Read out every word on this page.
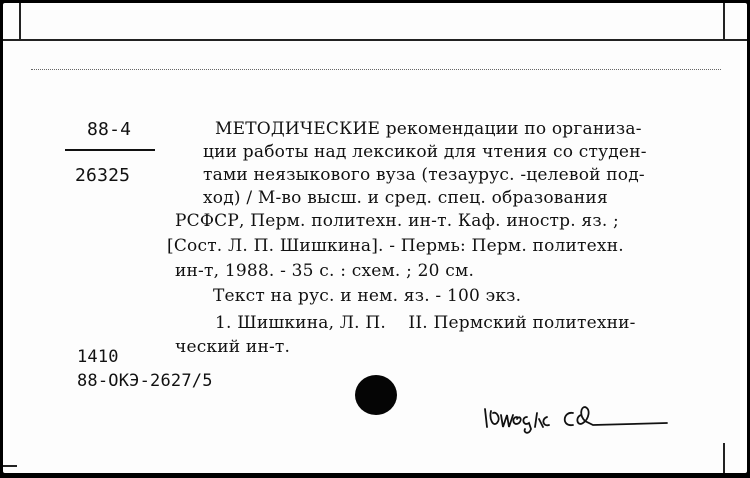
88-4
26325
МЕТОДИЧЕСКИЕ рекомендации по организа-
ции работы над лексикой для чтения со студен-
тами неязыкового вуза (тезаурус. -целевой под-
ход) / М-во высш. и сред. спец. образования
РСФСР, Перм. политехн. ин-т. Каф. иностр. яз. ;
[Сост. Л. П. Шишкина]. - Пермь: Перм. политехн.
ин-т, 1988. - 35 с. : схем. ; 20 см.
Текст на рус. и нем. яз. - 100 экз.
1. Шишкина, Л. П.    II. Пермский политехни-
ческий ин-т.
1410
88-ОКЭ-2627/5
